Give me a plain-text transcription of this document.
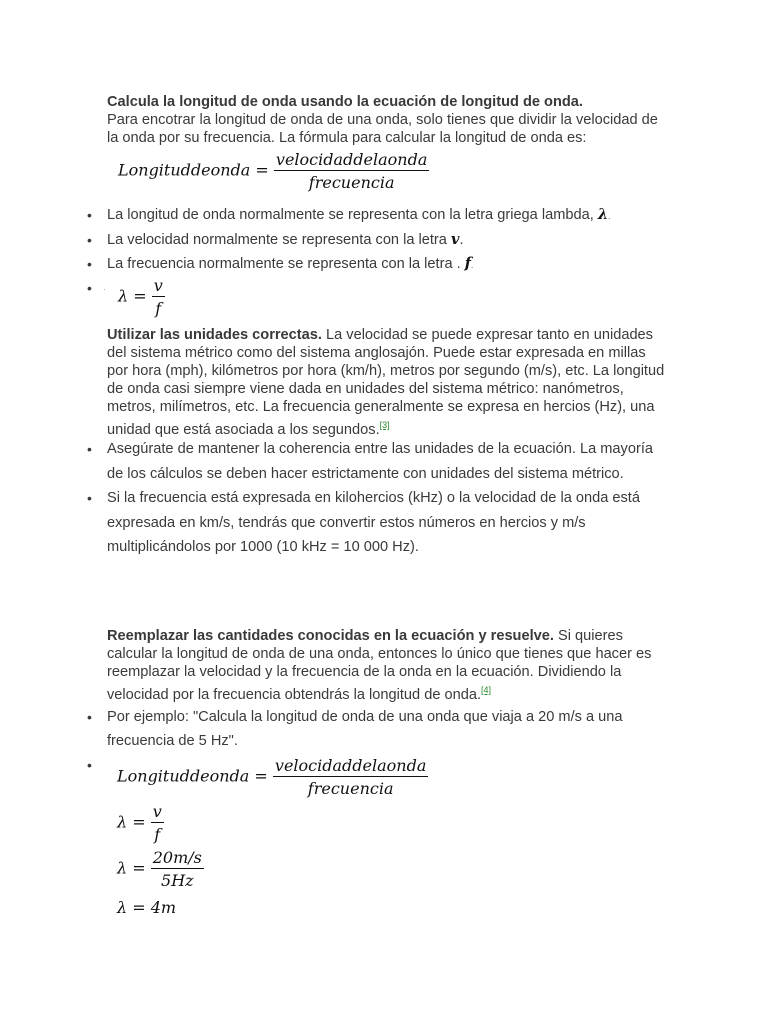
Calcula la longitud de onda usando la ecuación de longitud de onda.
Para encotrar la longitud de onda de una onda, solo tienes que dividir la velocidad de la onda por su frecuencia. La fórmula para calcular la longitud de onda es:
Longituddeonda = $\frac{\text{velocidaddelaonda}}{\text{frecuencia}}$
• La longitud de onda normalmente se representa con la letra griega lambda, λ.
• La velocidad normalmente se representa con la letra v.
• La frecuencia normalmente se representa con la letra . f.
• · $\lambda = \frac{v}{f}$
Utilizar las unidades correctas. La velocidad se puede expresar tanto en unidades del sistema métrico como del sistema anglosajón. Puede estar expresada en millas por hora (mph), kilómetros por hora (km/h), metros por segundo (m/s), etc. La longitud de onda casi siempre viene dada en unidades del sistema métrico: nanómetros, metros, milímetros, etc. La frecuencia generalmente se expresa en hercios (Hz), una unidad que está asociada a los segundos.[3]
• Asegúrate de mantener la coherencia entre las unidades de la ecuación. La mayoría de los cálculos se deben hacer estrictamente con unidades del sistema métrico.
• Si la frecuencia está expresada en kilohercios (kHz) o la velocidad de la onda está expresada en km/s, tendrás que convertir estos números en hercios y m/s multiplicándolos por 1000 (10 kHz = 10 000 Hz).
Reemplazar las cantidades conocidas en la ecuación y resuelve. Si quieres calcular la longitud de onda de una onda, entonces lo único que tienes que hacer es reemplazar la velocidad y la frecuencia de la onda en la ecuación. Dividiendo la velocidad por la frecuencia obtendrás la longitud de onda.[4]
• Por ejemplo: "Calcula la longitud de onda de una onda que viaja a 20 m/s a una frecuencia de 5 Hz".
•
Longituddeonda = $\frac{\text{velocidaddelaonda}}{\text{frecuencia}}$
$\lambda = \frac{v}{f}$
$\lambda = \frac{20m/s}{5Hz}$
λ = 4m
